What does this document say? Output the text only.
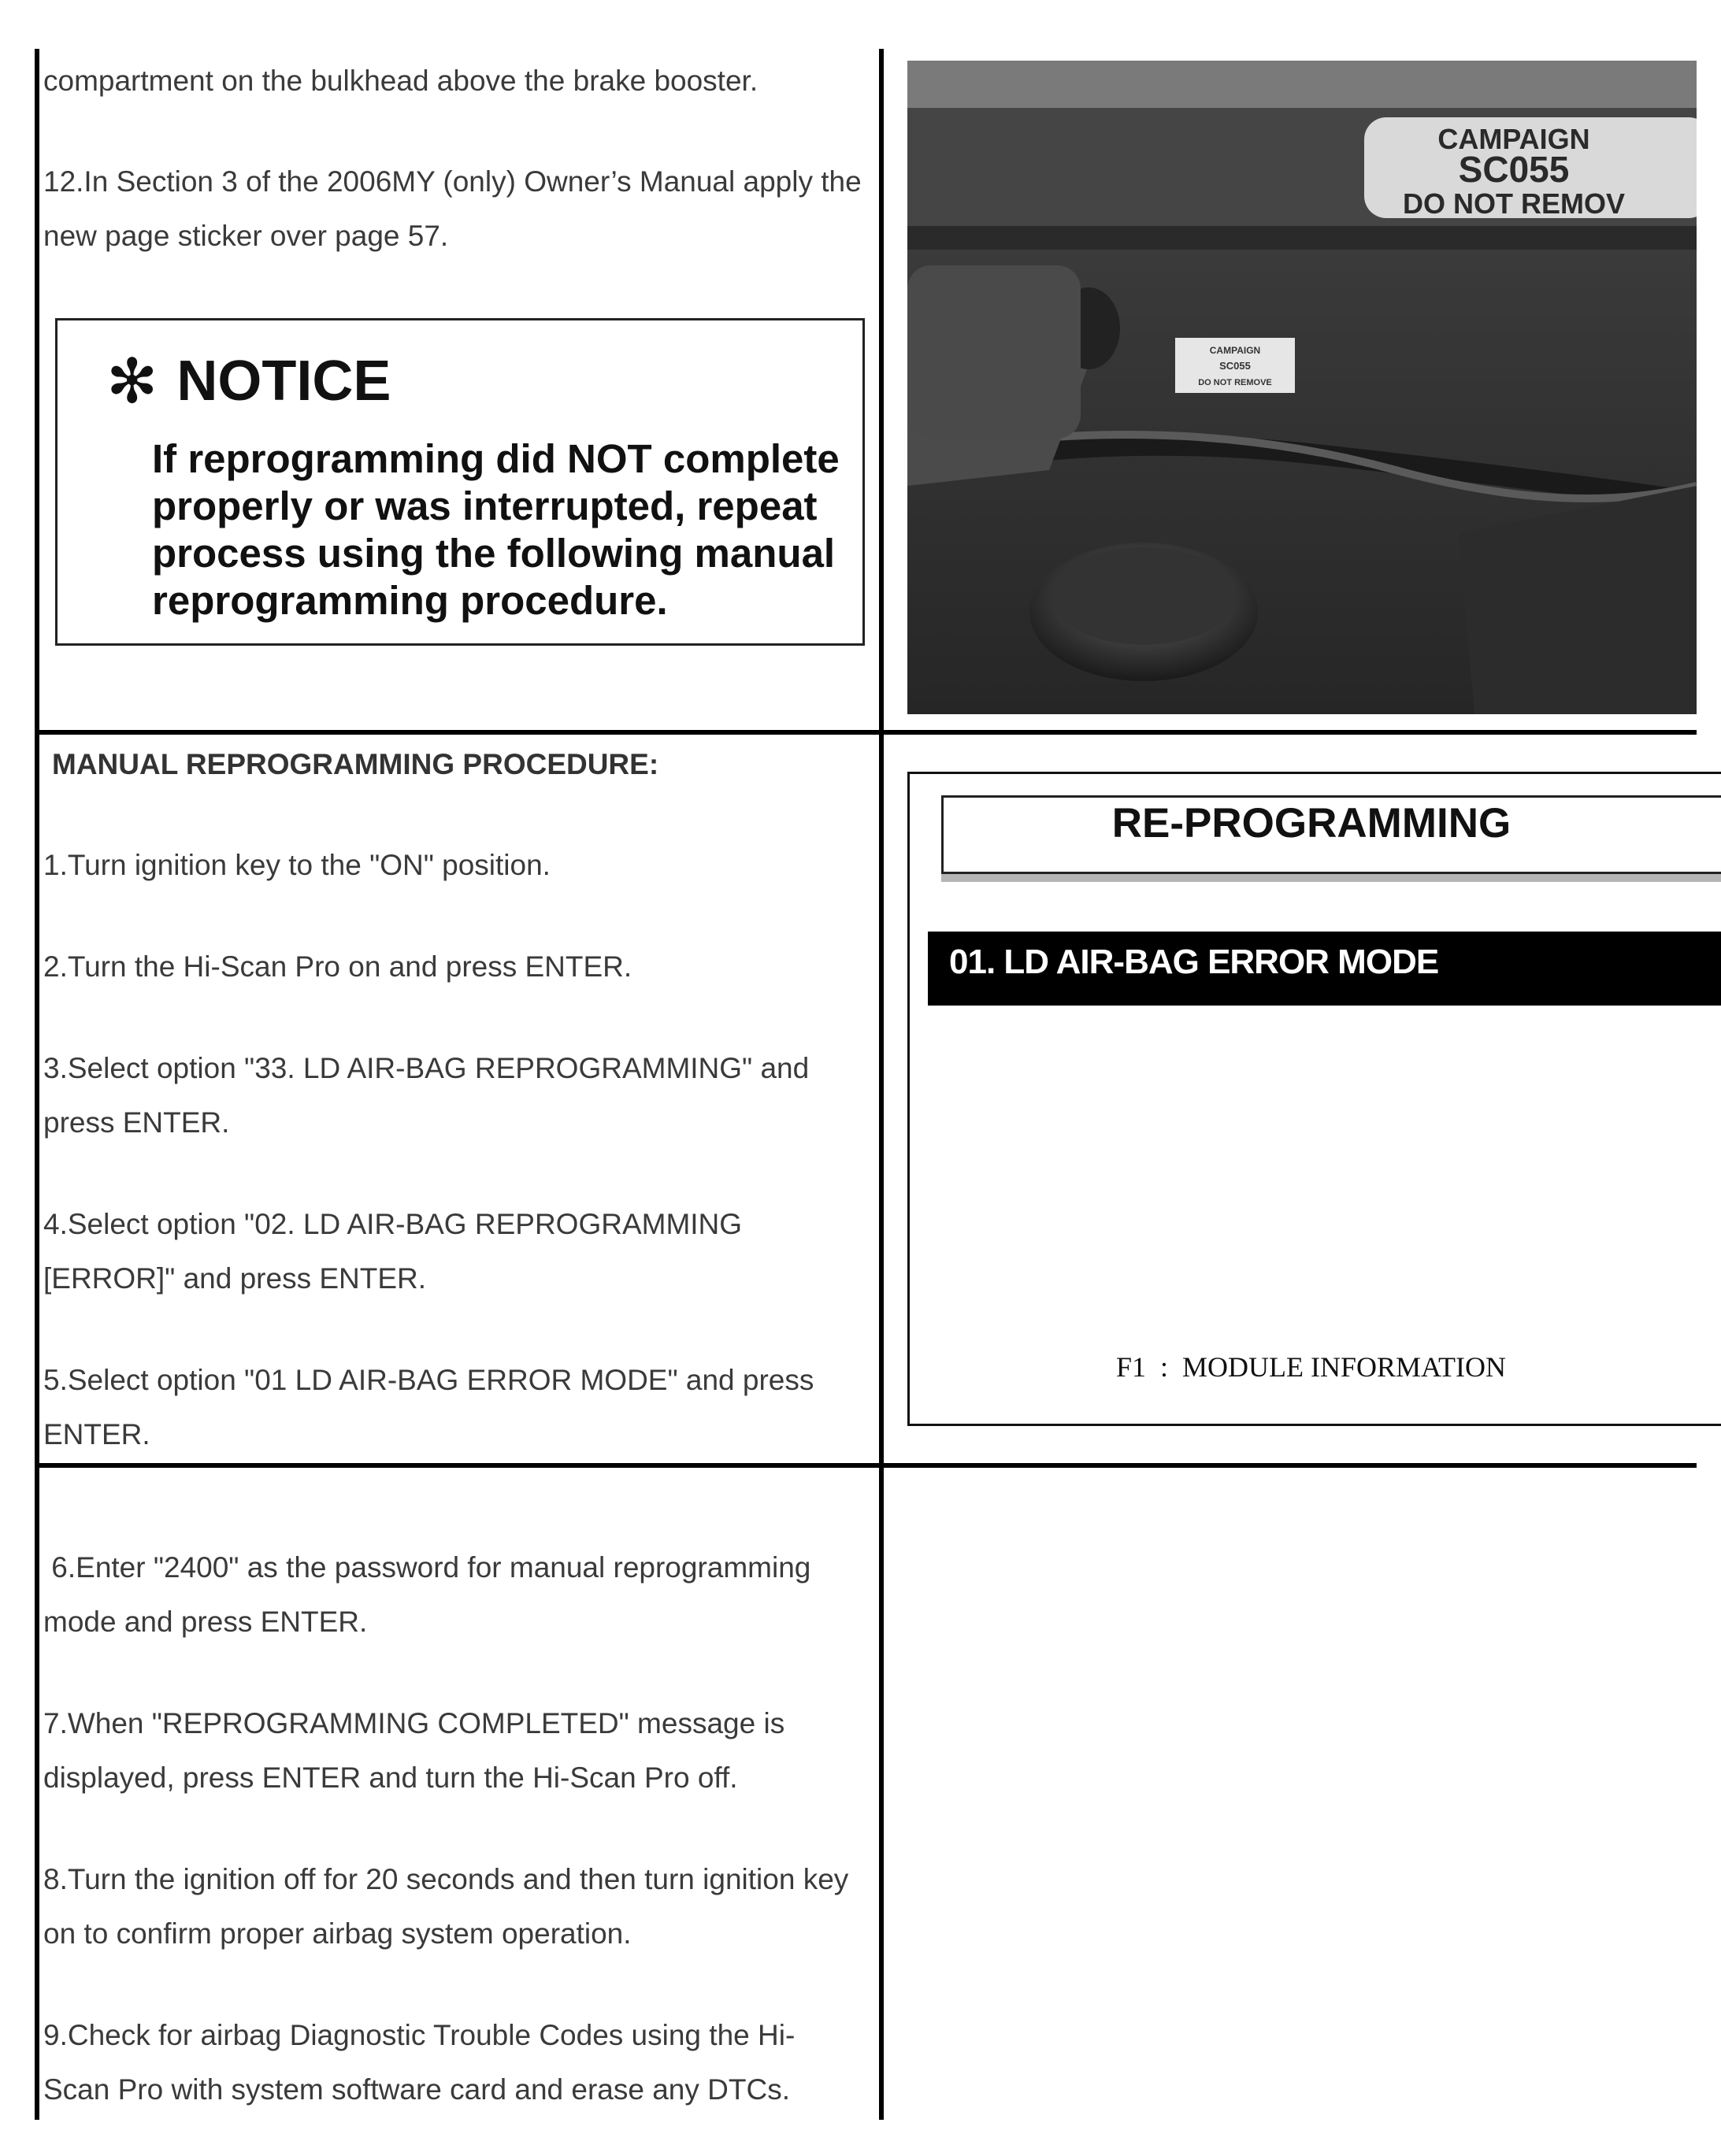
compartment on the bulkhead above the brake booster.
12.In Section 3 of the 2006MY (only) Owner’s Manual apply the
new page sticker over page 57.
✻ NOTICE
If reprogramming did NOT complete
properly or was interrupted, repeat
process using the following manual
reprogramming procedure.
CAMPAIGN
SC055
DO NOT REMOV
CAMPAIGN
SC055
DO NOT REMOVE
MANUAL REPROGRAMMING PROCEDURE:
1.Turn ignition key to the "ON" position.
2.Turn the Hi-Scan Pro on and press ENTER.
3.Select option "33. LD AIR-BAG REPROGRAMMING" and
press ENTER.
4.Select option "02. LD AIR-BAG REPROGRAMMING
[ERROR]" and press ENTER.
5.Select option "01 LD AIR-BAG ERROR MODE" and press
ENTER.
RE-PROGRAMMING
01. LD AIR-BAG ERROR MODE
F1  :  MODULE INFORMATION
6.Enter "2400" as the password for manual reprogramming
mode and press ENTER.
7.When "REPROGRAMMING COMPLETED" message is
displayed, press ENTER and turn the Hi-Scan Pro off.
8.Turn the ignition off for 20 seconds and then turn ignition key
on to confirm proper airbag system operation.
9.Check for airbag Diagnostic Trouble Codes using the Hi-
Scan Pro with system software card and erase any DTCs.
